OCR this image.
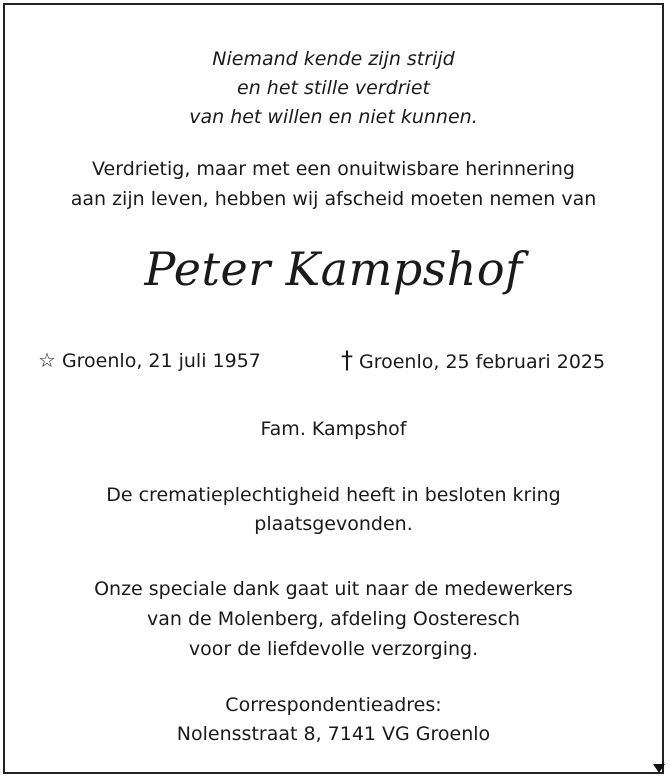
Niemand kende zijn strijd
en het stille verdriet
van het willen en niet kunnen.
Verdrietig, maar met een onuitwisbare herinnering
aan zijn leven, hebben wij afscheid moeten nemen van
Peter Kampshof
☆ Groenlo, 21 juli 1957	† Groenlo, 25 februari 2025
Fam. Kampshof
De crematieplechtigheid heeft in besloten kring
plaatsgevonden.
Onze speciale dank gaat uit naar de medewerkers
van de Molenberg, afdeling Oosteresch
voor de liefdevolle verzorging.
Correspondentieadres:
Nolensstraat 8, 7141 VG Groenlo
